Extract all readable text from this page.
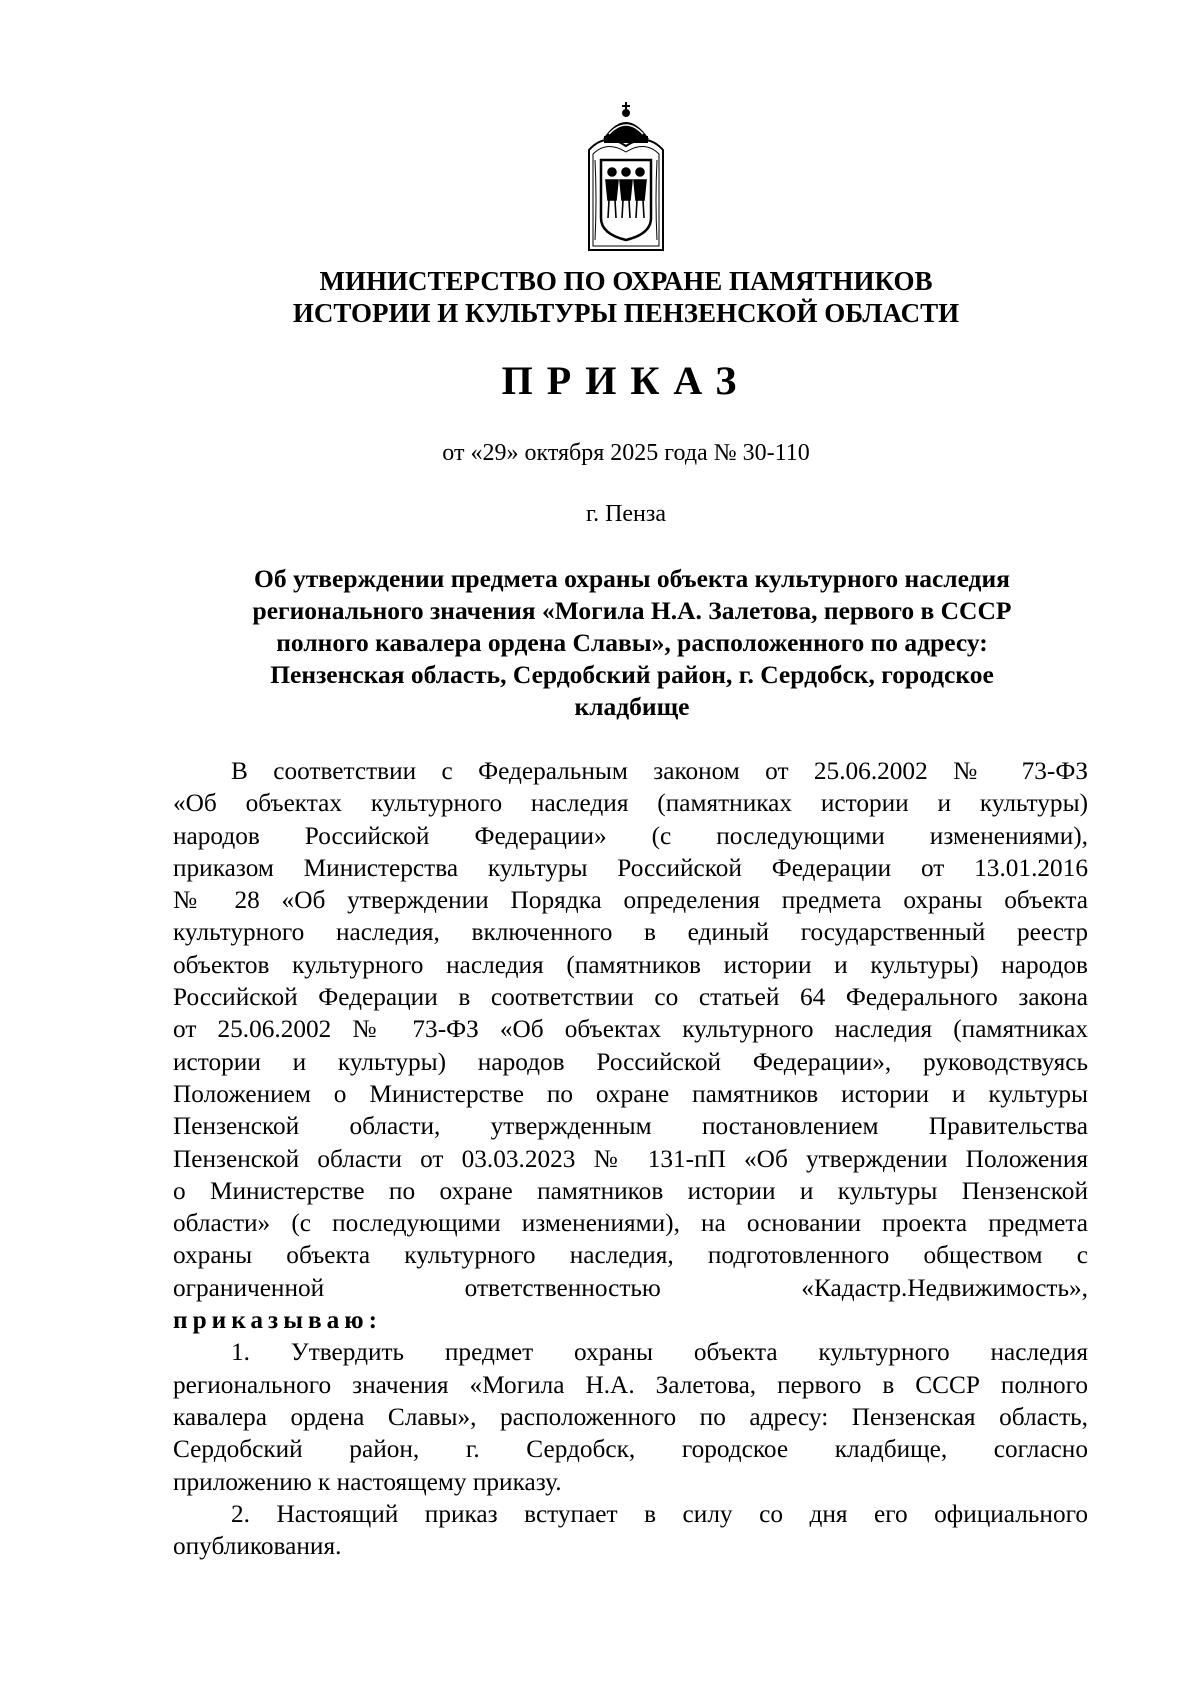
МИНИСТЕРСТВО ПО ОХРАНЕ ПАМЯТНИКОВ
ИСТОРИИ И КУЛЬТУРЫ ПЕНЗЕНСКОЙ ОБЛАСТИ
ПРИКАЗ
от «29» октября 2025 года № 30-110
г. Пенза
Об утверждении предмета охраны объекта культурного наследия
регионального значения «Могила Н.А. Залетова, первого в СССР
полного кавалера ордена Славы», расположенного по адресу:
Пензенская область, Сердобский район, г. Сердобск, городское
кладбище
В соответствии с Федеральным законом от 25.06.2002 № 73-ФЗ
«Об объектах культурного наследия (памятниках истории и культуры)
народов Российской Федерации» (с последующими изменениями),
приказом Министерства культуры Российской Федерации от 13.01.2016
№ 28 «Об утверждении Порядка определения предмета охраны объекта
культурного наследия, включенного в единый государственный реестр
объектов культурного наследия (памятников истории и культуры) народов
Российской Федерации в соответствии со статьей 64 Федерального закона
от 25.06.2002 № 73-ФЗ «Об объектах культурного наследия (памятниках
истории и культуры) народов Российской Федерации», руководствуясь
Положением о Министерстве по охране памятников истории и культуры
Пензенской области, утвержденным постановлением Правительства
Пензенской области от 03.03.2023 № 131-пП «Об утверждении Положения
о Министерстве по охране памятников истории и культуры Пензенской
области» (с последующими изменениями), на основании проекта предмета
охраны объекта культурного наследия, подготовленного обществом с
ограниченной ответственностью «Кадастр.Недвижимость»,
приказываю:
1. Утвердить предмет охраны объекта культурного наследия
регионального значения «Могила Н.А. Залетова, первого в СССР полного
кавалера ордена Славы», расположенного по адресу: Пензенская область,
Сердобский район, г. Сердобск, городское кладбище, согласно
приложению к настоящему приказу.
2. Настоящий приказ вступает в силу со дня его официального
опубликования.
